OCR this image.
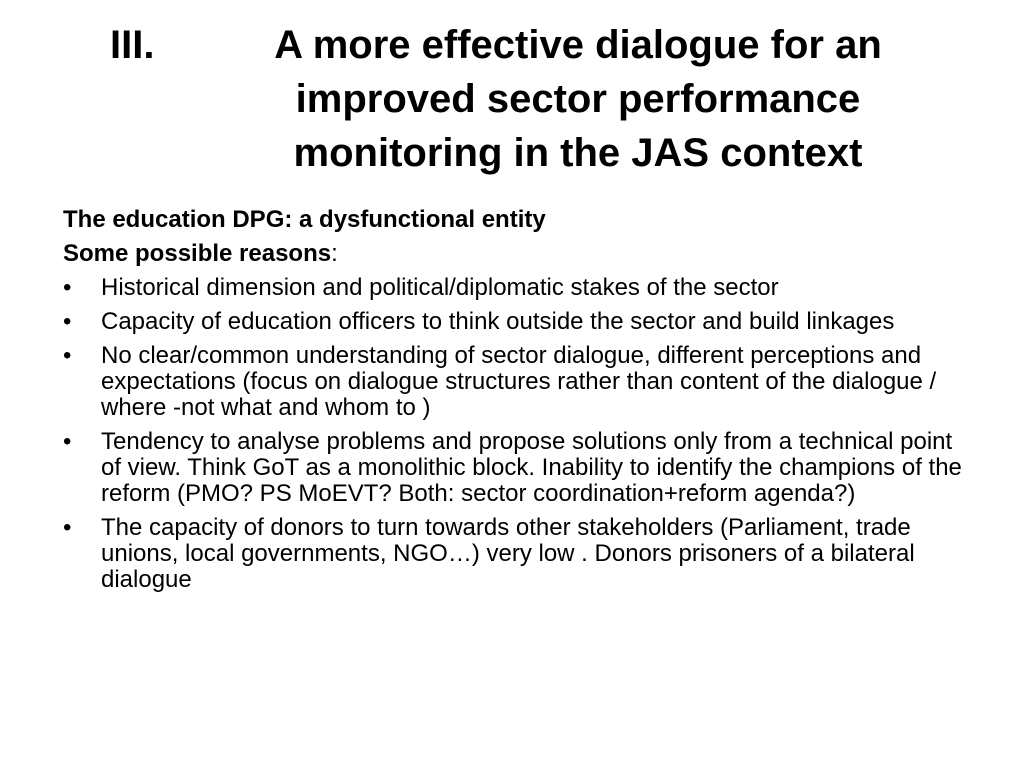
III.	A more effective dialogue for an improved sector performance monitoring in the JAS context
The education DPG: a dysfunctional entity
Some possible reasons:
• Historical dimension and political/diplomatic stakes of the sector
• Capacity of education officers to think outside the sector and build linkages
• No clear/common understanding of sector dialogue, different perceptions and expectations (focus on dialogue structures rather than content of the dialogue / where -not what and whom to )
• Tendency to analyse problems and propose solutions only from a technical point of view. Think GoT as a monolithic block. Inability to identify the champions of the reform (PMO? PS MoEVT? Both: sector coordination+reform agenda?)
• The capacity of donors to turn towards other stakeholders (Parliament, trade unions, local governments, NGO…) very low . Donors prisoners of a bilateral dialogue
